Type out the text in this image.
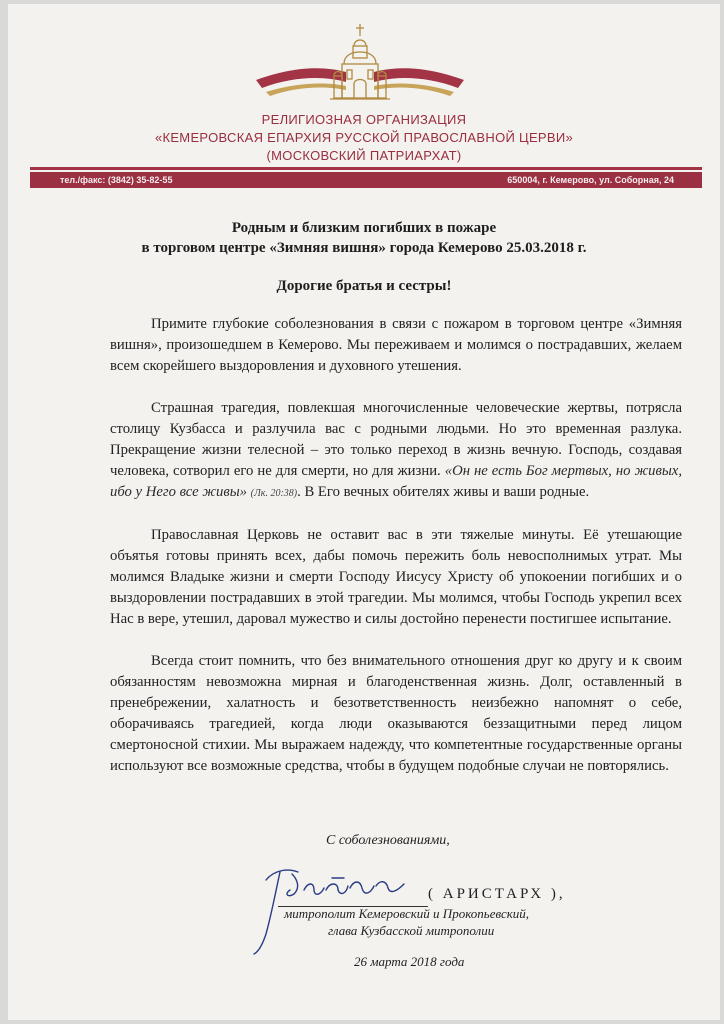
РЕЛИГИОЗНАЯ ОРГАНИЗАЦИЯ
«КЕМЕРОВСКАЯ ЕПАРХИЯ РУССКОЙ ПРАВОСЛАВНОЙ ЦЕРВИ»
(МОСКОВСКИЙ ПАТРИАРХАТ)
тел./факс: (3842) 35-82-55	650004, г. Кемерово, ул. Соборная, 24
Родным и близким погибших в пожаре
в торговом центре «Зимняя вишня» города Кемерово 25.03.2018 г.
Дорогие братья и сестры!

Примите глубокие соболезнования в связи с пожаром в торговом центре «Зимняя вишня», произошедшем в Кемерово. Мы переживаем и молимся о пострадавших, желаем всем скорейшего выздоровления и духовного утешения.

Страшная трагедия, повлекшая многочисленные человеческие жертвы, потрясла столицу Кузбасса и разлучила вас с родными людьми. Но это временная разлука. Прекращение жизни телесной – это только переход в жизнь вечную. Господь, создавая человека, сотворил его не для смерти, но для жизни. «Он не есть Бог мертвых, но живых, ибо у Него все живы» (Лк. 20:38). В Его вечных обителях живы и ваши родные.

Православная Церковь не оставит вас в эти тяжелые минуты. Её утешающие объятья готовы принять всех, дабы помочь пережить боль невосполнимых утрат. Мы молимся Владыке жизни и смерти Господу Иисусу Христу об упокоении погибших и о выздоровлении пострадавших в этой трагедии. Мы молимся, чтобы Господь укрепил всех Нас в вере, утешил, даровал мужество и силы достойно перенести постигшее испытание.

Всегда стоит помнить, что без внимательного отношения друг ко другу и к своим обязанностям невозможна мирная и благоденственная жизнь. Долг, оставленный в пренебрежении, халатность и безответственность неизбежно напомнят о себе, оборачиваясь трагедией, когда люди оказываются беззащитными перед лицом смертоносной стихии. Мы выражаем надежду, что компетентные государственные органы используют все возможные средства, чтобы в будущем подобные случаи не повторялись.

С соболезнованиями,
( АРИСТАРХ ),
митрополит Кемеровский и Прокопьевский,
глава Кузбасской митрополии
26 марта 2018 года
